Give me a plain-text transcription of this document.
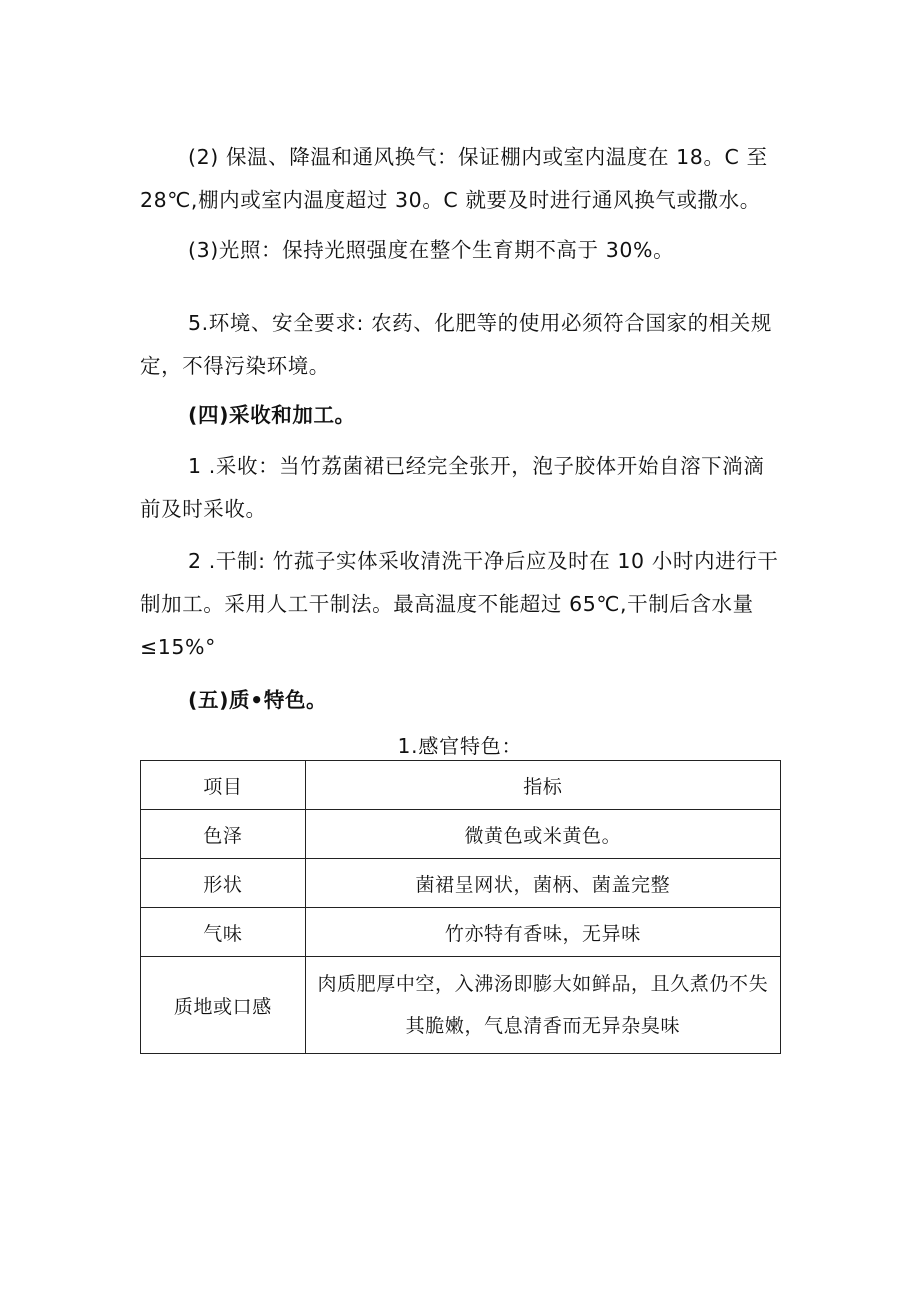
(2) 保温、降温和通风换气：保证棚内或室内温度在 18。C 至 28℃,棚内或室内温度超过 30。C 就要及时进行通风换气或撒水。

(3)光照：保持光照强度在整个生育期不高于 30%。

5.环境、安全要求: 农药、化肥等的使用必须符合国家的相关规定，不得污染环境。

(四)采收和加工。

1 .采收：当竹荔菌裙已经完全张开，泡子胶体开始自溶下淌滴前及时采收。

2 .干制: 竹菰子实体采收清洗干净后应及时在 10 小时内进行干制加工。采用人工干制法。最高温度不能超过 65℃,干制后含水量≤15%°

(五)质•特色。

1.感官特色：
项目	指标
色泽	微黄色或米黄色。
形状	菌裙呈网状，菌柄、菌盖完整
气味	竹亦特有香味，无异味
质地或口感	肉质肥厚中空，入沸汤即膨大如鲜品，且久煮仍不失其脆嫩，气息清香而无异杂臭味
